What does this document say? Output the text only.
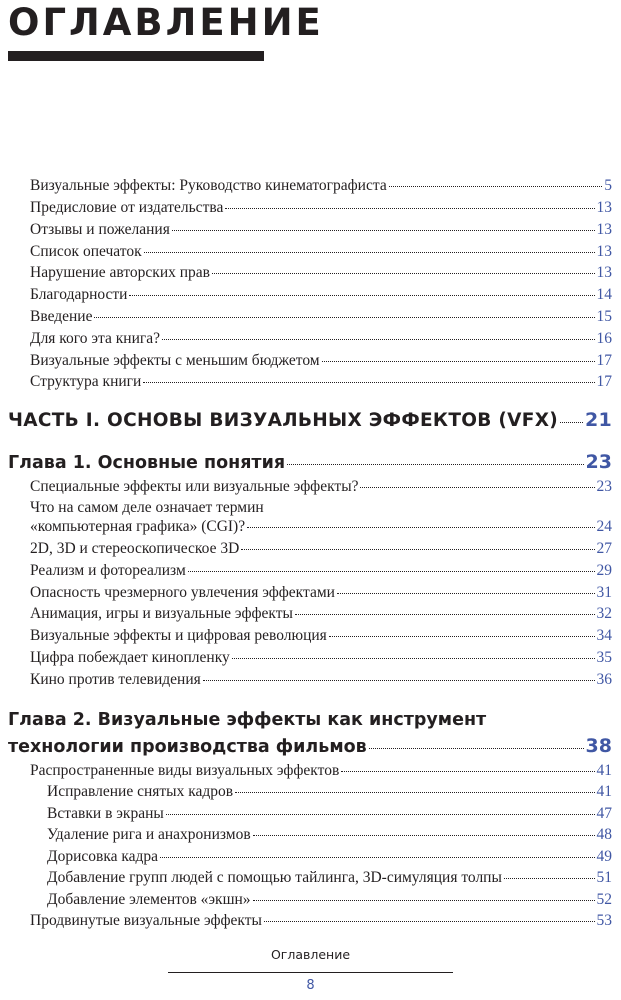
ОГЛАВЛЕНИЕ
Визуальные эффекты: Руководство кинематографиста	5
Предисловие от издательства	13
Отзывы и пожелания	13
Список опечаток	13
Нарушение авторских прав	13
Благодарности	14
Введение	15
Для кого эта книга?	16
Визуальные эффекты с меньшим бюджетом	17
Структура книги	17
ЧАСТЬ I. ОСНОВЫ ВИЗУАЛЬНЫХ ЭФФЕКТОВ (VFX) 21
Глава 1. Основные понятия	23
Специальные эффекты или визуальные эффекты?	23
Что на самом деле означает термин
«компьютерная графика» (CGI)?	24
2D, 3D и стереоскопическое 3D	27
Реализм и фотореализм	29
Опасность чрезмерного увлечения эффектами	31
Анимация, игры и визуальные эффекты	32
Визуальные эффекты и цифровая революция	34
Цифра побеждает кинопленку	35
Кино против телевидения	36
Глава 2. Визуальные эффекты как инструмент
технологии производства фильмов	38
Распространенные виды визуальных эффектов	41
Исправление снятых кадров	41
Вставки в экраны	47
Удаление рига и анахронизмов	48
Дорисовка кадра	49
Добавление групп людей с помощью тайлинга, 3D-симуляция толпы	51
Добавление элементов «экшн»	52
Продвинутые визуальные эффекты	53
Оглавление
8
